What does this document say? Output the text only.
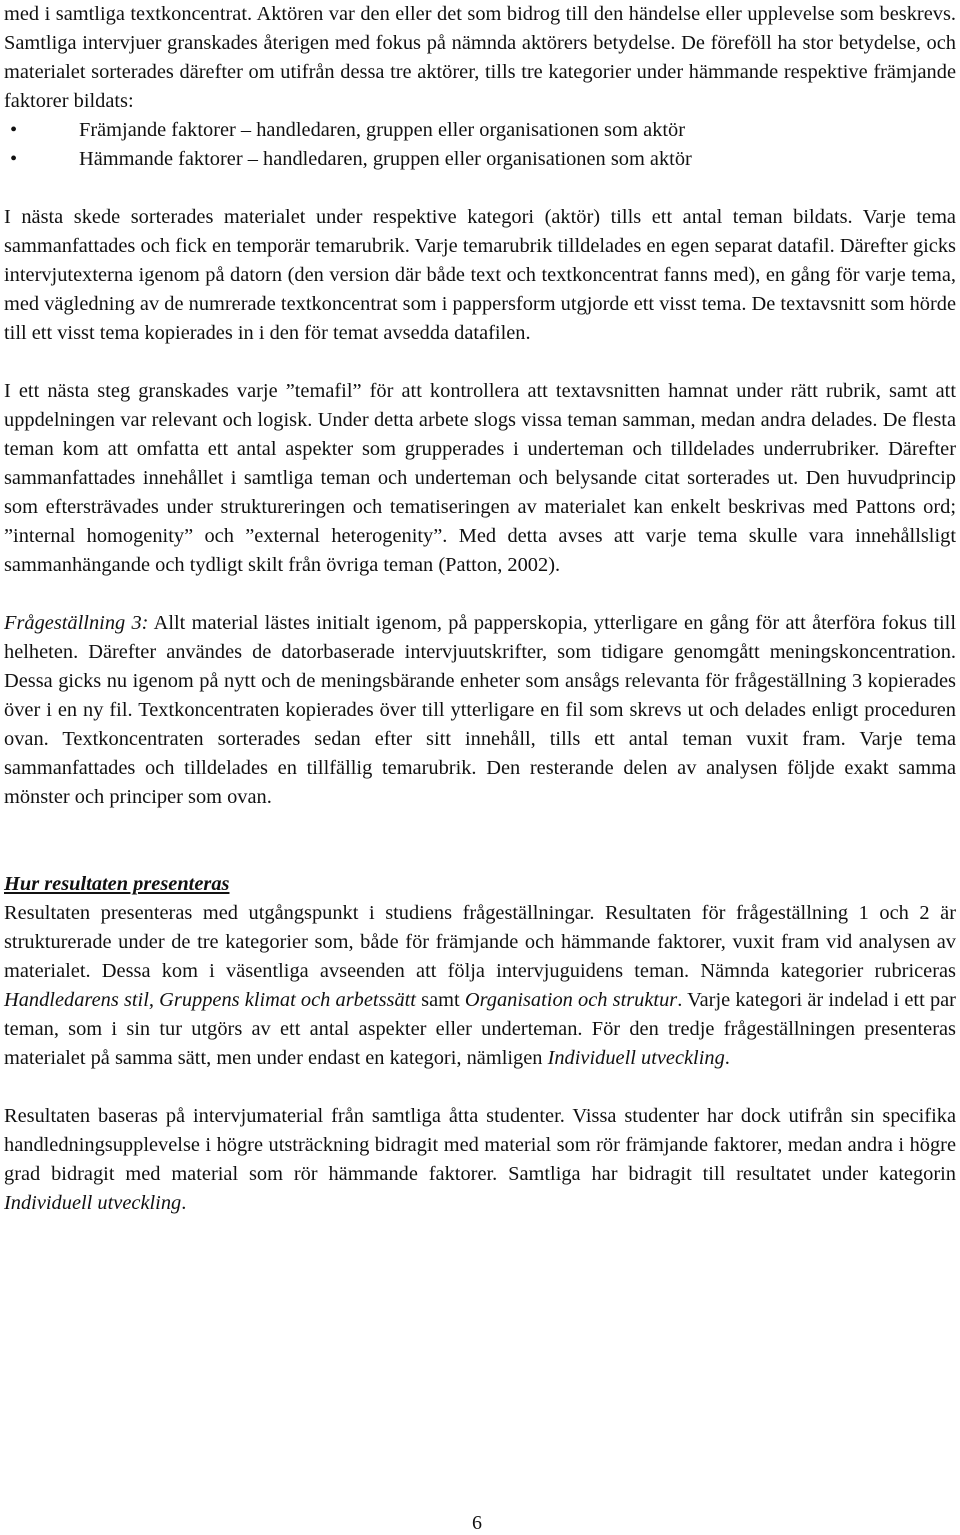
med i samtliga textkoncentrat. Aktören var den eller det som bidrog till den händelse eller upplevelse som beskrevs. Samtliga intervjuer granskades återigen med fokus på nämnda aktörers betydelse. De föreföll ha stor betydelse, och materialet sorterades därefter om utifrån dessa tre aktörer, tills tre kategorier under hämmande respektive främjande faktorer bildats:

•	Främjande faktorer – handledaren, gruppen eller organisationen som aktör
•	Hämmande faktorer – handledaren, gruppen eller organisationen som aktör

I nästa skede sorterades materialet under respektive kategori (aktör) tills ett antal teman bildats. Varje tema sammanfattades och fick en temporär temarubrik. Varje temarubrik tilldelades en egen separat datafil. Därefter gicks intervjutexterna igenom på datorn (den version där både text och textkoncentrat fanns med), en gång för varje tema, med vägledning av de numrerade textkoncentrat som i pappersform utgjorde ett visst tema. De textavsnitt som hörde till ett visst tema kopierades in i den för temat avsedda datafilen.

I ett nästa steg granskades varje ”temafil” för att kontrollera att textavsnitten hamnat under rätt rubrik, samt att uppdelningen var relevant och logisk. Under detta arbete slogs vissa teman samman, medan andra delades. De flesta teman kom att omfatta ett antal aspekter som grupperades i underteman och tilldelades underrubriker. Därefter sammanfattades innehållet i samtliga teman och underteman och belysande citat sorterades ut. Den huvudprincip som eftersträvades under struktureringen och tematiseringen av materialet kan enkelt beskrivas med Pattons ord; ”internal homogenity” och ”external heterogenity”. Med detta avses att varje tema skulle vara innehållsligt sammanhängande och tydligt skilt från övriga teman (Patton, 2002).

Frågeställning 3: Allt material lästes initialt igenom, på papperskopia, ytterligare en gång för att återföra fokus till helheten. Därefter användes de datorbaserade intervjuutskrifter, som tidigare genomgått meningskoncentration. Dessa gicks nu igenom på nytt och de meningsbärande enheter som ansågs relevanta för frågeställning 3 kopierades över i en ny fil. Textkoncentraten kopierades över till ytterligare en fil som skrevs ut och delades enligt proceduren ovan. Textkoncentraten sorterades sedan efter sitt innehåll, tills ett antal teman vuxit fram. Varje tema sammanfattades och tilldelades en tillfällig temarubrik. Den resterande delen av analysen följde exakt samma mönster och principer som ovan.

Hur resultaten presenteras

Resultaten presenteras med utgångspunkt i studiens frågeställningar. Resultaten för frågeställning 1 och 2 är strukturerade under de tre kategorier som, både för främjande och hämmande faktorer, vuxit fram vid analysen av materialet. Dessa kom i väsentliga avseenden att följa intervjuguidens teman. Nämnda kategorier rubriceras Handledarens stil, Gruppens klimat och arbetssätt samt Organisation och struktur. Varje kategori är indelad i ett par teman, som i sin tur utgörs av ett antal aspekter eller underteman. För den tredje frågeställningen presenteras materialet på samma sätt, men under endast en kategori, nämligen Individuell utveckling.

Resultaten baseras på intervjumaterial från samtliga åtta studenter. Vissa studenter har dock utifrån sin specifika handledningsupplevelse i högre utsträckning bidragit med material som rör främjande faktorer, medan andra i högre grad bidragit med material som rör hämmande faktorer. Samtliga har bidragit till resultatet under kategorin Individuell utveckling.

6
